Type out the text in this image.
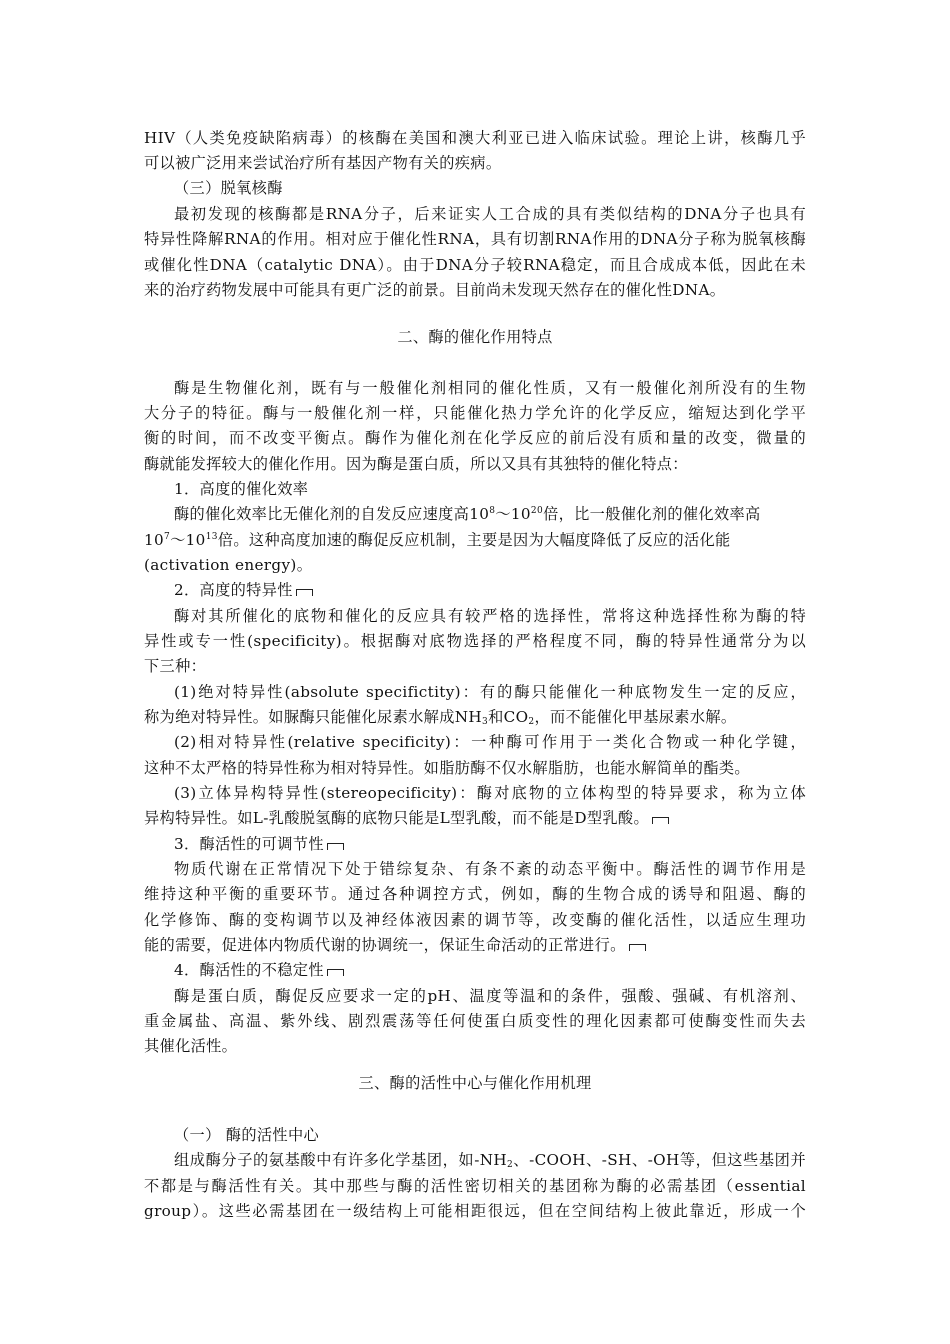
HIV（人类免疫缺陷病毒）的核酶在美国和澳大利亚已进入临床试验。理论上讲，核酶几乎
可以被广泛用来尝试治疗所有基因产物有关的疾病。
（三）脱氧核酶
最初发现的核酶都是RNA分子，后来证实人工合成的具有类似结构的DNA分子也具有
特异性降解RNA的作用。相对应于催化性RNA，具有切割RNA作用的DNA分子称为脱氧核酶
或催化性DNA（catalytic DNA）。由于DNA分子较RNA稳定，而且合成成本低，因此在未
来的治疗药物发展中可能具有更广泛的前景。目前尚未发现天然存在的催化性DNA。
二、酶的催化作用特点
酶是生物催化剂，既有与一般催化剂相同的催化性质，又有一般催化剂所没有的生物
大分子的特征。酶与一般催化剂一样，只能催化热力学允许的化学反应，缩短达到化学平
衡的时间，而不改变平衡点。酶作为催化剂在化学反应的前后没有质和量的改变，微量的
酶就能发挥较大的催化作用。因为酶是蛋白质，所以又具有其独特的催化特点：
1．高度的催化效率
酶的催化效率比无催化剂的自发反应速度高$10^8\sim 10^{20}$倍，比一般催化剂的催化效率高
$10^7\sim 10^{13}$倍。这种高度加速的酶促反应机制，主要是因为大幅度降低了反应的活化能
(activation energy)。
2．高度的特异性
酶对其所催化的底物和催化的反应具有较严格的选择性，常将这种选择性称为酶的特
异性或专一性(specificity)。根据酶对底物选择的严格程度不同，酶的特异性通常分为以
下三种：
(1)绝对特异性(absolute specifictity)：有的酶只能催化一种底物发生一定的反应，
称为绝对特异性。如脲酶只能催化尿素水解成$NH_3$和$CO_2$，而不能催化甲基尿素水解。
(2)相对特异性(relative specificity)：一种酶可作用于一类化合物或一种化学键，
这种不太严格的特异性称为相对特异性。如脂肪酶不仅水解脂肪，也能水解简单的酯类。
(3)立体异构特异性(stereopecificity)：酶对底物的立体构型的特异要求，称为立体
异构特异性。如L-乳酸脱氢酶的底物只能是L型乳酸，而不能是D型乳酸。
3．酶活性的可调节性
物质代谢在正常情况下处于错综复杂、有条不紊的动态平衡中。酶活性的调节作用是
维持这种平衡的重要环节。通过各种调控方式，例如，酶的生物合成的诱导和阻遏、酶的
化学修饰、酶的变构调节以及神经体液因素的调节等，改变酶的催化活性，以适应生理功
能的需要，促进体内物质代谢的协调统一，保证生命活动的正常进行。
4．酶活性的不稳定性
酶是蛋白质，酶促反应要求一定的pH、温度等温和的条件，强酸、强碱、有机溶剂、
重金属盐、高温、紫外线、剧烈震荡等任何使蛋白质变性的理化因素都可使酶变性而失去
其催化活性。
三、酶的活性中心与催化作用机理
（一） 酶的活性中心
组成酶分子的氨基酸中有许多化学基团，如$-NH_2$、-COOH、-SH、-OH等，但这些基团并
不都是与酶活性有关。其中那些与酶的活性密切相关的基团称为酶的必需基团（essential
group）。这些必需基团在一级结构上可能相距很远，但在空间结构上彼此靠近，形成一个
